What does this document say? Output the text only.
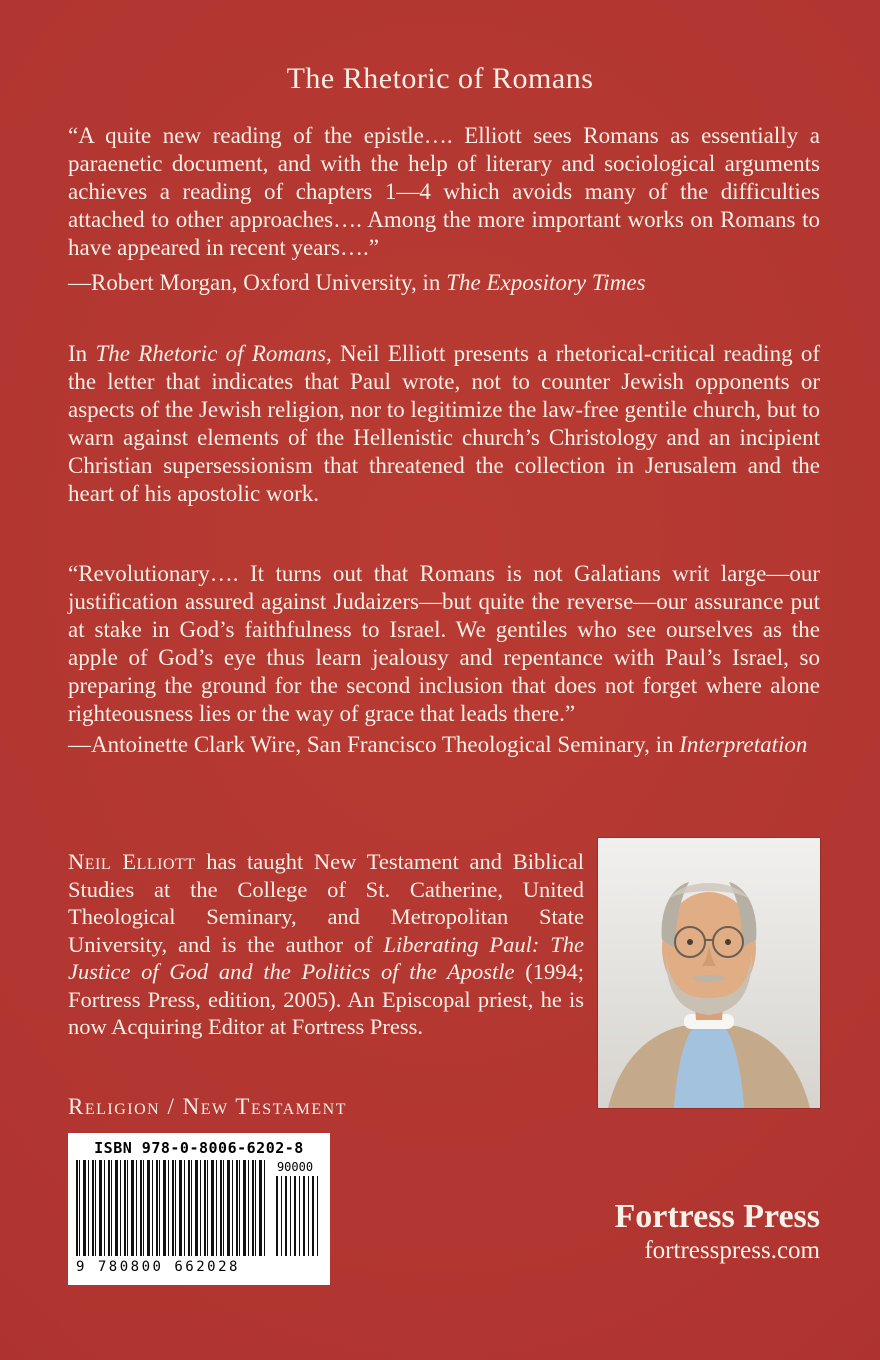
The Rhetoric of Romans
“A quite new reading of the epistle…. Elliott sees Romans as essentially a paraenetic document, and with the help of literary and sociological arguments achieves a reading of chapters 1—4 which avoids many of the difficulties attached to other approaches…. Among the more important works on Romans to have appeared in recent years….”
—Robert Morgan, Oxford University, in The Expository Times
In The Rhetoric of Romans, Neil Elliott presents a rhetorical-critical reading of the letter that indicates that Paul wrote, not to counter Jewish opponents or aspects of the Jewish religion, nor to legitimize the law-free gentile church, but to warn against elements of the Hellenistic church’s Christology and an incipient Christian supersessionism that threatened the collection in Jerusalem and the heart of his apostolic work.
“Revolutionary…. It turns out that Romans is not Galatians writ large—our justification assured against Judaizers—but quite the reverse—our assurance put at stake in God’s faithfulness to Israel. We gentiles who see ourselves as the apple of God’s eye thus learn jealousy and repentance with Paul’s Israel, so preparing the ground for the second inclusion that does not forget where alone righteousness lies or the way of grace that leads there.”
—Antoinette Clark Wire, San Francisco Theological Seminary, in Interpretation
Neil Elliott has taught New Testament and Biblical Studies at the College of St. Catherine, United Theological Seminary, and Metropolitan State University, and is the author of Liberating Paul: The Justice of God and the Politics of the Apostle (1994; Fortress Press, edition, 2005). An Episcopal priest, he is now Acquiring Editor at Fortress Press.
Religion / New Testament
ISBN 978-0-8006-6202-8
90000
9 780800 662028
Fortress Press
fortresspress.com
